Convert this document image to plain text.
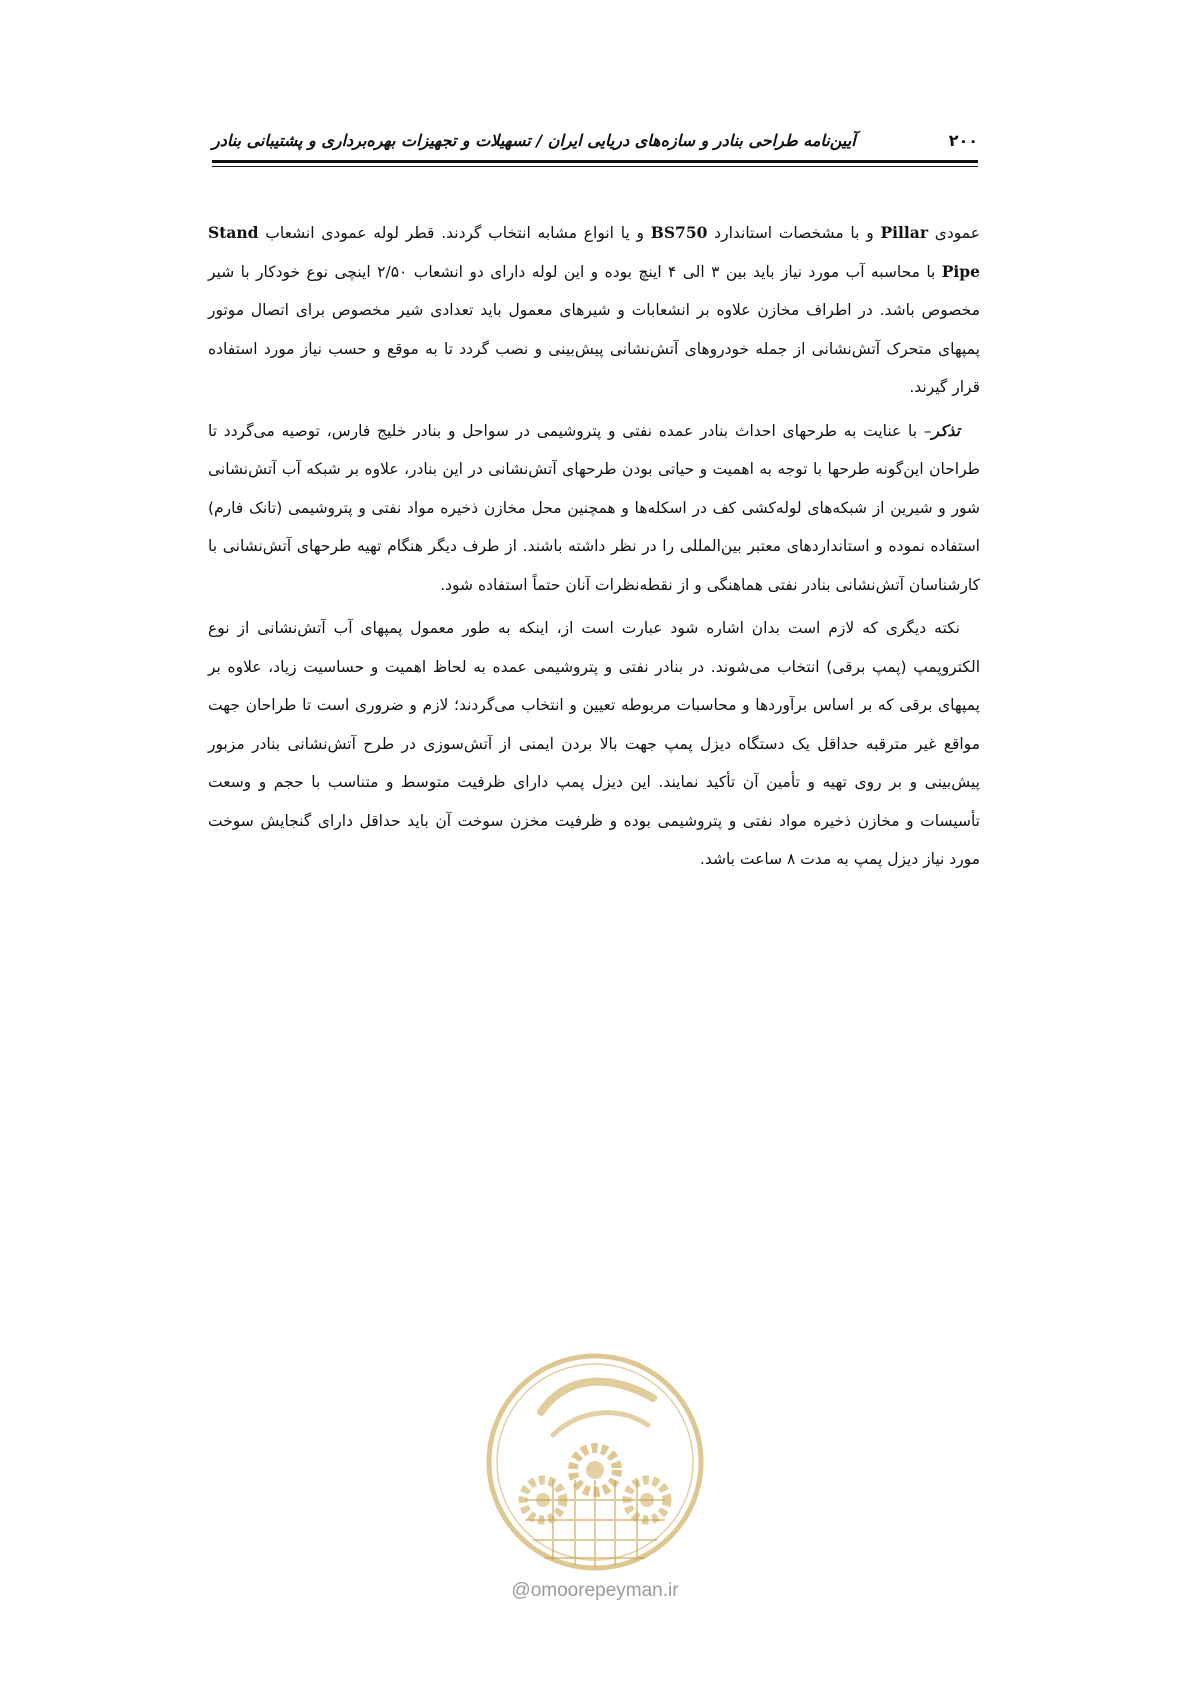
۲۰۰
آیین‌نامه طراحی بنادر و سازه‌های دریایی ایران / تسهیلات و تجهیزات بهره‌برداری و پشتیبانی بنادر

عمودی Pillar و با مشخصات استاندارد BS750 و یا انواع مشابه انتخاب گردند. قطر لوله عمودی انشعاب Stand Pipe با محاسبه آب مورد نیاز باید بین ۳ الی ۴ اینچ بوده و این لوله دارای دو انشعاب ۲/۵۰ اینچی نوع خودکار با شیر مخصوص باشد. در اطراف مخازن علاوه بر انشعابات و شیرهای معمول باید تعدادی شیر مخصوص برای اتصال موتور پمپهای متحرک آتش‌نشانی از جمله خودروهای آتش‌نشانی پیش‌بینی و نصب گردد تا به موقع و حسب نیاز مورد استفاده قرار گیرند.

تذکر– با عنایت به طرحهای احداث بنادر عمده نفتی و پتروشیمی در سواحل و بنادر خلیج فارس، توصیه می‌گردد تا طراحان این‌گونه طرحها با توجه به اهمیت و حیاتی بودن طرحهای آتش‌نشانی در این بنادر، علاوه بر شبکه آب آتش‌نشانی شور و شیرین از شبکه‌های لوله‌کشی کف در اسکله‌ها و همچنین محل مخازن ذخیره مواد نفتی و پتروشیمی (تانک فارم) استفاده نموده و استانداردهای معتبر بین‌المللی را در نظر داشته باشند. از طرف دیگر هنگام تهیه طرحهای آتش‌نشانی با کارشناسان آتش‌نشانی بنادر نفتی هماهنگی و از نقطه‌نظرات آنان حتماً استفاده شود.

نکته دیگری که لازم است بدان اشاره شود عبارت است از، اینکه به طور معمول پمپهای آب آتش‌نشانی از نوع الکتروپمپ (پمپ برقی) انتخاب می‌شوند. در بنادر نفتی و پتروشیمی عمده به لحاظ اهمیت و حساسیت زیاد، علاوه بر پمپهای برقی که بر اساس برآوردها و محاسبات مربوطه تعیین و انتخاب می‌گردند؛ لازم و ضروری است تا طراحان جهت مواقع غیر مترقبه حداقل یک دستگاه دیزل پمپ جهت بالا بردن ایمنی از آتش‌سوزی در طرح آتش‌نشانی بنادر مزبور پیش‌بینی و بر روی تهیه و تأمین آن تأکید نمایند. این دیزل پمپ دارای ظرفیت متوسط و متناسب با حجم و وسعت تأسیسات و مخازن ذخیره مواد نفتی و پتروشیمی بوده و ظرفیت مخزن سوخت آن باید حداقل دارای گنجایش سوخت مورد نیاز دیزل پمپ به مدت ۸ ساعت باشد.

@omoorepeyman.ir
